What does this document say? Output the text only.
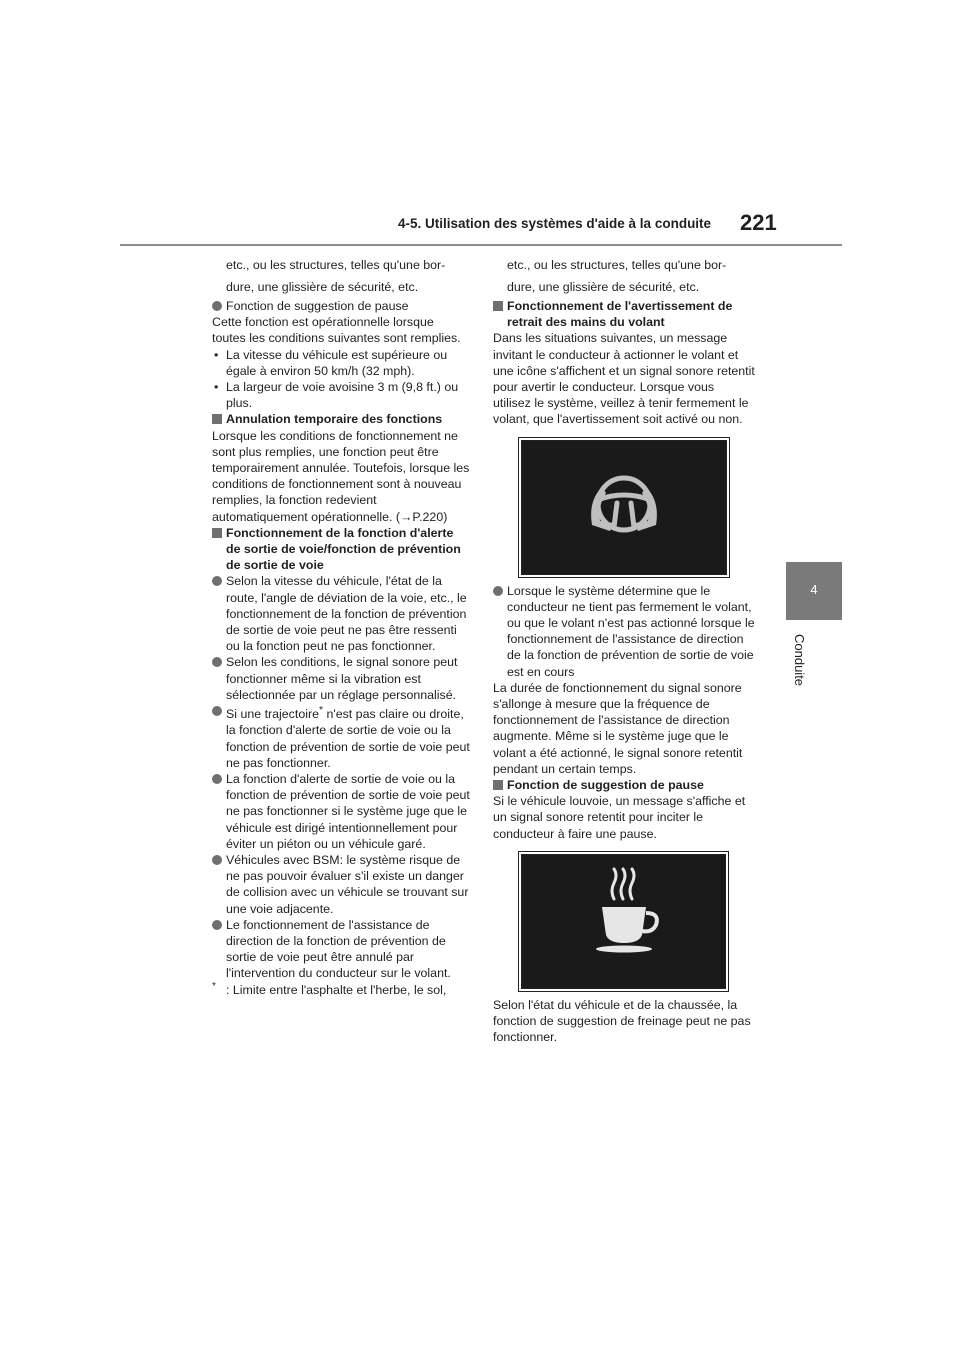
4-5. Utilisation des systèmes d'aide à la conduite 221
4
Conduite

etc., ou les structures, telles qu'une bor-

dure, une glissière de sécurité, etc.

Fonction de suggestion de pause

Cette fonction est opérationnelle lorsque toutes les conditions suivantes sont remplies.

• La vitesse du véhicule est supérieure ou égale à environ 50 km/h (32 mph).

• La largeur de voie avoisine 3 m (9,8 ft.) ou plus.

Annulation temporaire des fonctions

Lorsque les conditions de fonctionnement ne sont plus remplies, une fonction peut être temporairement annulée. Toutefois, lorsque les conditions de fonctionnement sont à nouveau remplies, la fonction redevient automatiquement opérationnelle. (→P.220)

Fonctionnement de la fonction d'alerte de sortie de voie/fonction de prévention de sortie de voie

Selon la vitesse du véhicule, l'état de la route, l'angle de déviation de la voie, etc., le fonctionnement de la fonction de prévention de sortie de voie peut ne pas être ressenti ou la fonction peut ne pas fonctionner.

Selon les conditions, le signal sonore peut fonctionner même si la vibration est sélectionnée par un réglage personnalisé.

Si une trajectoire* n'est pas claire ou droite, la fonction d'alerte de sortie de voie ou la fonction de prévention de sortie de voie peut ne pas fonctionner.

La fonction d'alerte de sortie de voie ou la fonction de prévention de sortie de voie peut ne pas fonctionner si le système juge que le véhicule est dirigé intentionnellement pour éviter un piéton ou un véhicule garé.

Véhicules avec BSM: le système risque de ne pas pouvoir évaluer s'il existe un danger de collision avec un véhicule se trouvant sur une voie adjacente.

Le fonctionnement de l'assistance de direction de la fonction de prévention de sortie de voie peut être annulé par l'intervention du conducteur sur le volant.

* : Limite entre l'asphalte et l'herbe, le sol,

etc., ou les structures, telles qu'une bor-

dure, une glissière de sécurité, etc.

Fonctionnement de l'avertissement de retrait des mains du volant

Dans les situations suivantes, un message invitant le conducteur à actionner le volant et une icône s'affichent et un signal sonore retentit pour avertir le conducteur. Lorsque vous utilisez le système, veillez à tenir fermement le volant, que l'avertissement soit activé ou non.

Lorsque le système détermine que le conducteur ne tient pas fermement le volant, ou que le volant n'est pas actionné lorsque le fonctionnement de l'assistance de direction de la fonction de prévention de sortie de voie est en cours

La durée de fonctionnement du signal sonore s'allonge à mesure que la fréquence de fonctionnement de l'assistance de direction augmente. Même si le système juge que le volant a été actionné, le signal sonore retentit pendant un certain temps.

Fonction de suggestion de pause

Si le véhicule louvoie, un message s'affiche et un signal sonore retentit pour inciter le conducteur à faire une pause.

Selon l'état du véhicule et de la chaussée, la fonction de suggestion de freinage peut ne pas fonctionner.
